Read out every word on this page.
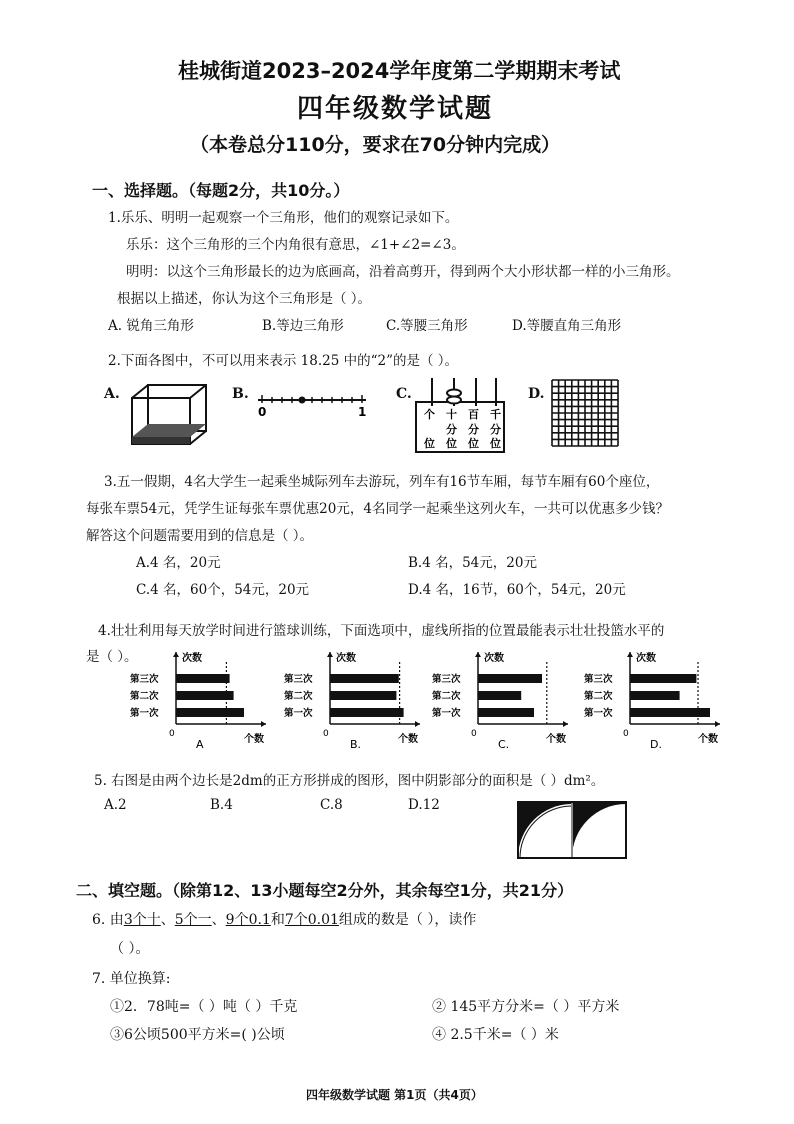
桂城街道2023–2024学年度第二学期期末考试
四年级数学试题
（本卷总分110分，要求在70分钟内完成）
一、选择题。（每题2分，共10分。）
1.乐乐、明明一起观察一个三角形，他们的观察记录如下。
乐乐：这个三角形的三个内角很有意思，∠1+∠2=∠3。
明明：以这个三角形最长的边为底画高，沿着高剪开，得到两个大小形状都一样的小三角形。
根据以上描述，你认为这个三角形是（ ）。
A. 锐角三角形	B.等边三角形	C.等腰三角形	D.等腰直角三角形
2.下面各图中，不可以用来表示 18.25 中的“2”的是（ ）。
A.	B.
0	1
C.
个 十 百 千
分 分 分
位 位 位 位
D.
3.五一假期，4名大学生一起乘坐城际列车去游玩，列车有16节车厢，每节车厢有60个座位，
每张车票54元，凭学生证每张车票优惠20元，4名同学一起乘坐这列火车，一共可以优惠多少钱？
解答这个问题需要用到的信息是（ ）。
A.4 名，20元	B.4 名，54元，20元
C.4 名，60个，54元，20元	D.4 名，16节，60个，54元，20元
4.壮壮利用每天放学时间进行篮球训练，下面选项中，虚线所指的位置最能表示壮壮投篮水平的
是（ ）。	次数
个数
0
第一次
第二次
第三次
A
次数
个数
0
第一次
第二次
第三次
B.
次数
个数
0
第一次
第二次
第三次
C.
次数
个数
0
第一次
第二次
第三次
D.
5. 右图是由两个边长是2dm的正方形拼成的图形，图中阴影部分的面积是（ ）dm²。
A.2	B.4	C.8	D.12
二、填空题。（除第12、13小题每空2分外，其余每空1分，共21分）
6. 由3个十、5个一、9个0.1和7个0.01组成的数是（ ），读作
（ ）。
7. 单位换算:
①2．78吨=（ ）吨（ ）千克	② 145平方分米=（ ）平方米
③6公顷500平方米=( )公顷	④ 2.5千米=（ ）米
四年级数学试题 第1页（共4页）
